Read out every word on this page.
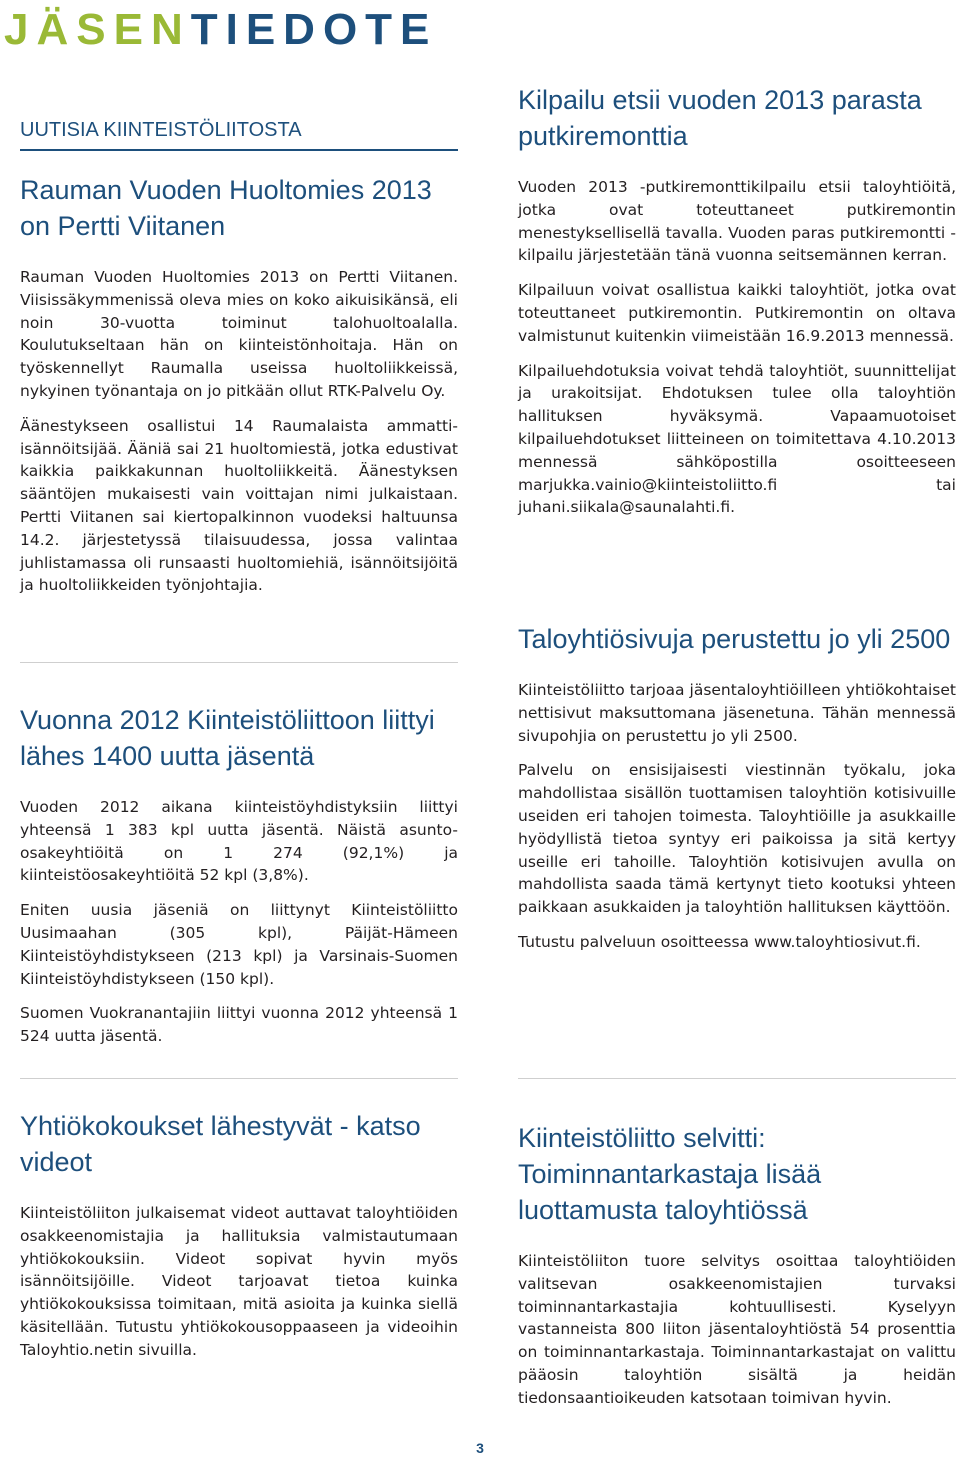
JÄSENTIEDOTE
UUTISIA KIINTEISTÖLIITOSTA
Rauman Vuoden Huoltomies 2013 on Pertti Viitanen

Rauman Vuoden Huoltomies 2013 on Pertti Viitanen. Viisissäkymmenissä oleva mies on koko aikuisikänsä, eli noin 30-vuotta toiminut talohuoltoalalla. Koulutukseltaan hän on kiinteistönhoitaja. Hän on työskennellyt Raumalla useissa huoltoliikkeissä, nykyinen työnantaja on jo pitkään ollut RTK-Palvelu Oy.

Äänestykseen osallistui 14 Raumalaista ammatti-isännöitsijää. Ääniä sai 21 huoltomiestä, jotka edustivat kaikkia paikkakunnan huoltoliikkeitä. Äänestyksen sääntöjen mukaisesti vain voittajan nimi julkaistaan. Pertti Viitanen sai kiertopalkinnon vuodeksi haltuunsa 14.2. järjestetyssä tilaisuudessa, jossa valintaa juhlistamassa oli runsaasti huoltomiehiä, isännöitsijöitä ja huoltoliikkeiden työnjohtajia.

Vuonna 2012 Kiinteistöliittoon liittyi lähes 1400 uutta jäsentä

Vuoden 2012 aikana kiinteistöyhdistyksiin liittyi yhteensä 1 383 kpl uutta jäsentä. Näistä asunto-osakeyhtiöitä on 1 274 (92,1%) ja kiinteistöosakeyhtiöitä 52 kpl (3,8%).

Eniten uusia jäseniä on liittynyt Kiinteistöliitto Uusimaahan (305 kpl), Päijät-Hämeen Kiinteistöyhdistykseen (213 kpl) ja Varsinais-Suomen Kiinteistöyhdistykseen (150 kpl).

Suomen Vuokranantajiin liittyi vuonna 2012 yhteensä 1 524 uutta jäsentä.

Kilpailu etsii vuoden 2013 parasta putkiremonttia

Vuoden 2013 -putkiremonttikilpailu etsii taloyhtiöitä, jotka ovat toteuttaneet putkiremontin menestyksellisellä tavalla. Vuoden paras putkiremontti -kilpailu järjestetään tänä vuonna seitsemännen kerran.

Kilpailuun voivat osallistua kaikki taloyhtiöt, jotka ovat toteuttaneet putkiremontin. Putkiremontin on oltava valmistunut kuitenkin viimeistään 16.9.2013 mennessä.

Kilpailuehdotuksia voivat tehdä taloyhtiöt, suunnittelijat ja urakoitsijat. Ehdotuksen tulee olla taloyhtiön hallituksen hyväksymä. Vapaamuotoiset kilpailuehdotukset liitteineen on toimitettava 4.10.2013 mennessä sähköpostilla osoitteeseen marjukka.vainio@kiinteistoliitto.fi tai juhani.siikala@saunalahti.fi.

Taloyhtiösivuja perustettu jo yli 2500

Kiinteistöliitto tarjoaa jäsentaloyhtiöilleen yhtiökohtaiset nettisivut maksuttomana jäsenetuna. Tähän mennessä sivupohjia on perustettu jo yli 2500.

Palvelu on ensisijaisesti viestinnän työkalu, joka mahdollistaa sisällön tuottamisen taloyhtiön kotisivuille useiden eri tahojen toimesta. Taloyhtiöille ja asukkaille hyödyllistä tietoa syntyy eri paikoissa ja sitä kertyy useille eri tahoille. Taloyhtiön kotisivujen avulla on mahdollista saada tämä kertynyt tieto kootuksi yhteen paikkaan asukkaiden ja taloyhtiön hallituksen käyttöön.

Tutustu palveluun osoitteessa www.taloyhtiosivut.fi.

Yhtiökokoukset lähestyvät - katso videot

Kiinteistöliiton julkaisemat videot auttavat taloyhtiöiden osakkeenomistajia ja hallituksia valmistautumaan yhtiökokouksiin. Videot sopivat hyvin myös isännöitsijöille. Videot tarjoavat tietoa kuinka yhtiökokouksissa toimitaan, mitä asioita ja kuinka siellä käsitellään. Tutustu yhtiökokousoppaaseen ja videoihin Taloyhtio.netin sivuilla.

Kiinteistöliitto selvitti: Toiminnantarkastaja lisää luottamusta taloyhtiössä

Kiinteistöliiton tuore selvitys osoittaa taloyhtiöiden valitsevan osakkeenomistajien turvaksi toiminnantarkastajia kohtuullisesti. Kyselyyn vastanneista 800 liiton jäsentaloyhtiöstä 54 prosenttia on toiminnantarkastaja. Toiminnantarkastajat on valittu pääosin taloyhtiön sisältä ja heidän tiedonsaantioikeuden katsotaan toimivan hyvin.

3
